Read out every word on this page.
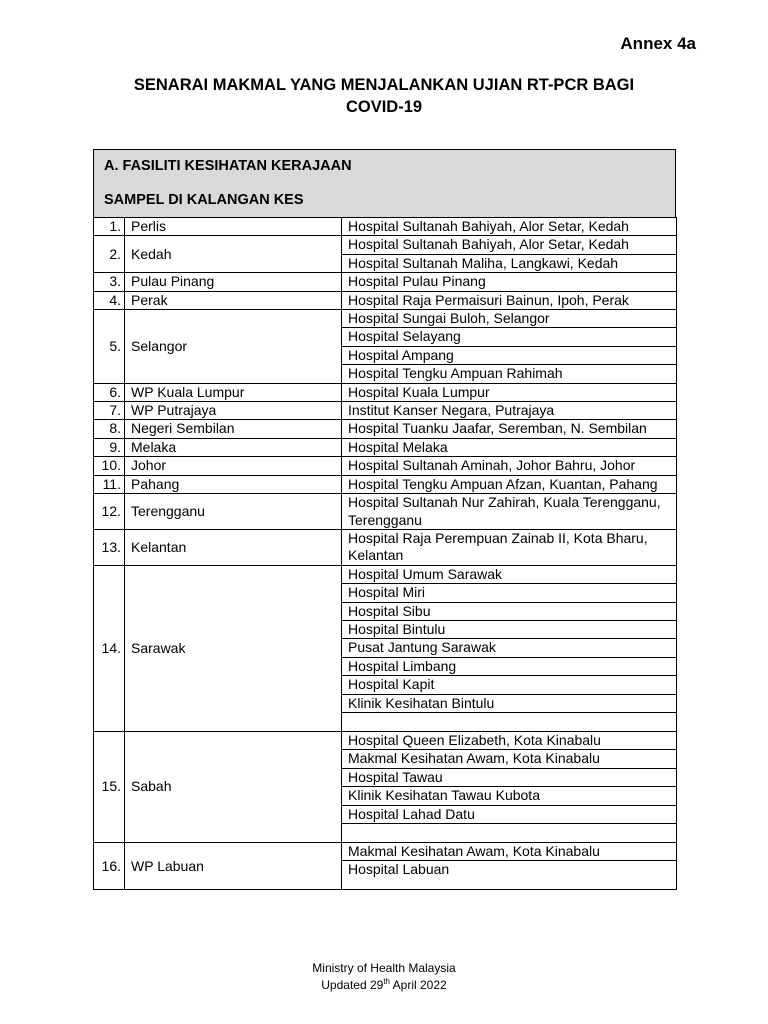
Annex 4a
SENARAI MAKMAL YANG MENJALANKAN UJIAN RT-PCR BAGI
COVID-19
A. FASILITI KESIHATAN KERAJAAN
SAMPEL DI KALANGAN KES
1.	Perlis	Hospital Sultanah Bahiyah, Alor Setar, Kedah
2.	Kedah	Hospital Sultanah Bahiyah, Alor Setar, Kedah
		Hospital Sultanah Maliha, Langkawi, Kedah
3.	Pulau Pinang	Hospital Pulau Pinang
4.	Perak	Hospital Raja Permaisuri Bainun, Ipoh, Perak
5.	Selangor	Hospital Sungai Buloh, Selangor
		Hospital Selayang
		Hospital Ampang
		Hospital Tengku Ampuan Rahimah
6.	WP Kuala Lumpur	Hospital Kuala Lumpur
7.	WP Putrajaya	Institut Kanser Negara, Putrajaya
8.	Negeri Sembilan	Hospital Tuanku Jaafar, Seremban, N. Sembilan
9.	Melaka	Hospital Melaka
10.	Johor	Hospital Sultanah Aminah, Johor Bahru, Johor
11.	Pahang	Hospital Tengku Ampuan Afzan, Kuantan, Pahang
12.	Terengganu	Hospital Sultanah Nur Zahirah, Kuala Terengganu, Terengganu
13.	Kelantan	Hospital Raja Perempuan Zainab II, Kota Bharu, Kelantan
14.	Sarawak	Hospital Umum Sarawak
		Hospital Miri
		Hospital Sibu
		Hospital Bintulu
		Pusat Jantung Sarawak
		Hospital Limbang
		Hospital Kapit
		Klinik Kesihatan Bintulu

15.	Sabah	Hospital Queen Elizabeth, Kota Kinabalu
		Makmal Kesihatan Awam, Kota Kinabalu
		Hospital Tawau
		Klinik Kesihatan Tawau Kubota
		Hospital Lahad Datu

16.	WP Labuan	Makmal Kesihatan Awam, Kota Kinabalu
		Hospital Labuan
Ministry of Health Malaysia
Updated 29th April 2022
